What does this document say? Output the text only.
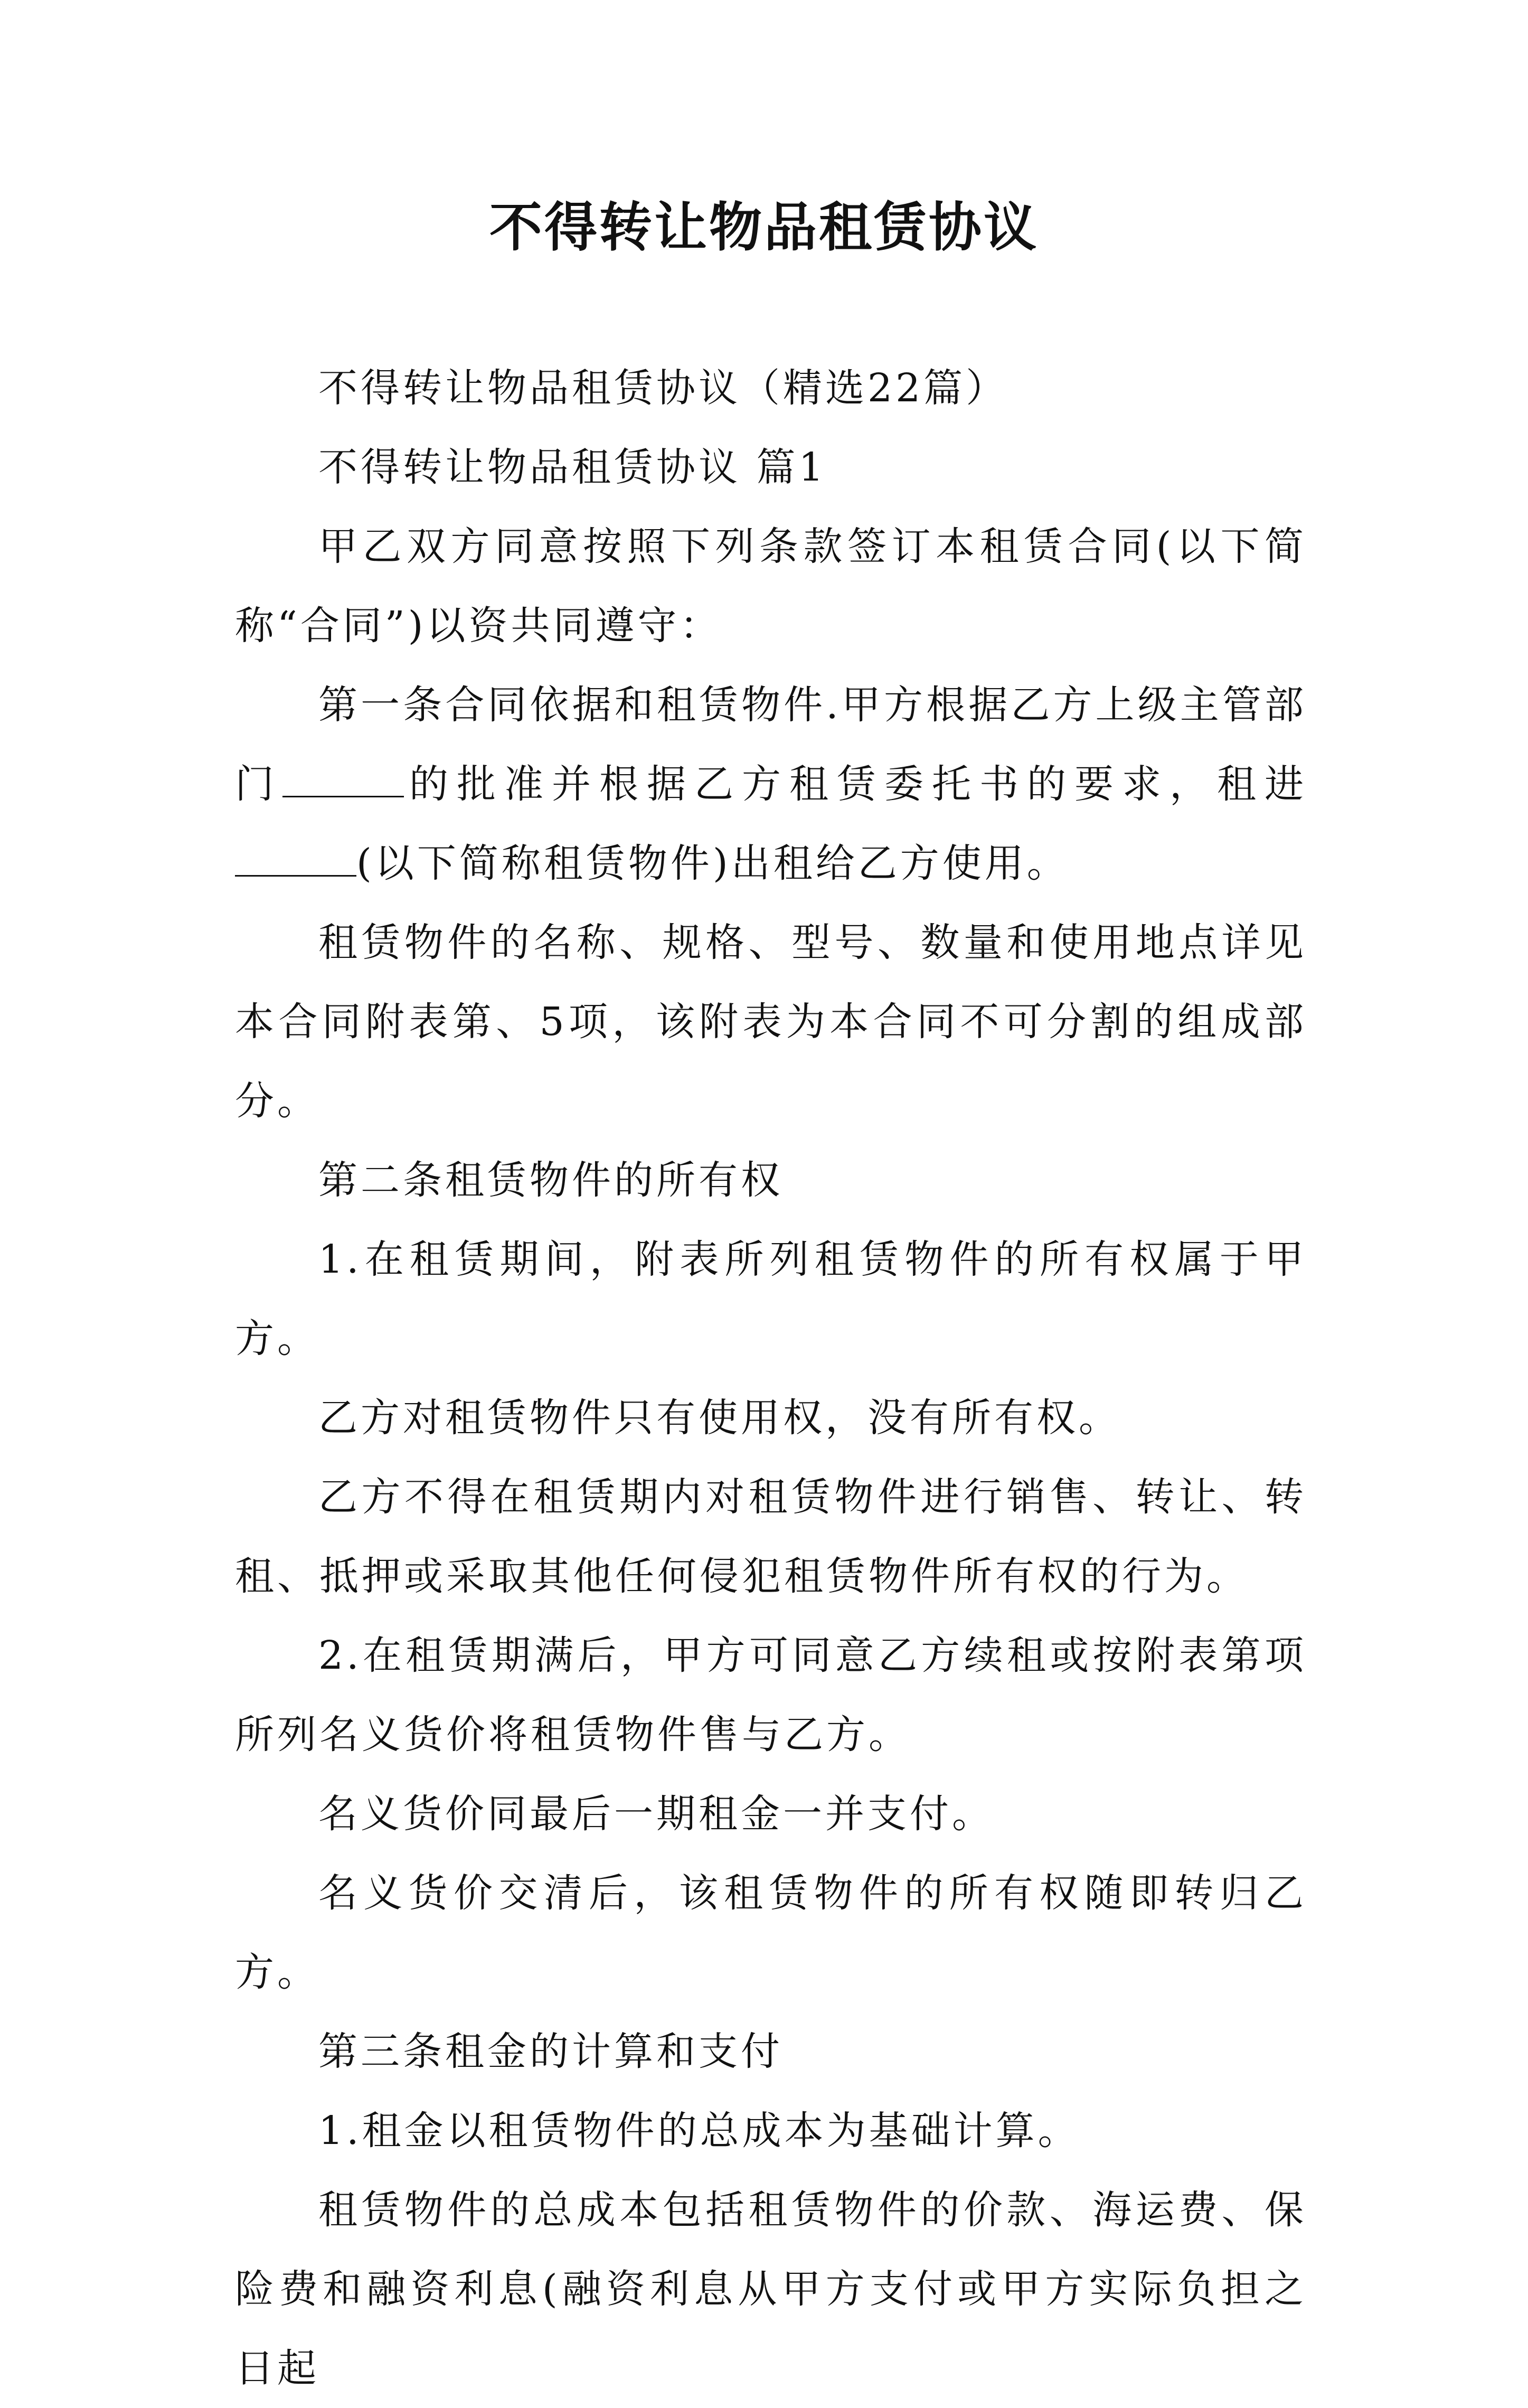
不得转让物品租赁协议

不得转让物品租赁协议（精选22篇）

不得转让物品租赁协议 篇1

甲乙双方同意按照下列条款签订本租赁合同(以下简称“合同”)以资共同遵守：

第一条合同依据和租赁物件.甲方根据乙方上级主管部门	的批准并根据乙方租赁委托书的要求，租进(以下简称租赁物件)出租给乙方使用。

租赁物件的名称、规格、型号、数量和使用地点详见本合同附表第、5项，该附表为本合同不可分割的组成部分。

第二条租赁物件的所有权

1.在租赁期间，附表所列租赁物件的所有权属于甲方。

乙方对租赁物件只有使用权，没有所有权。

乙方不得在租赁期内对租赁物件进行销售、转让、转租、抵押或采取其他任何侵犯租赁物件所有权的行为。

2.在租赁期满后，甲方可同意乙方续租或按附表第项所列名义货价将租赁物件售与乙方。

名义货价同最后一期租金一并支付。

名义货价交清后，该租赁物件的所有权随即转归乙方。

第三条租金的计算和支付

1.租金以租赁物件的总成本为基础计算。

租赁物件的总成本包括租赁物件的价款、海运费、保险费和融资利息(融资利息从甲方支付或甲方实际负担之日起
